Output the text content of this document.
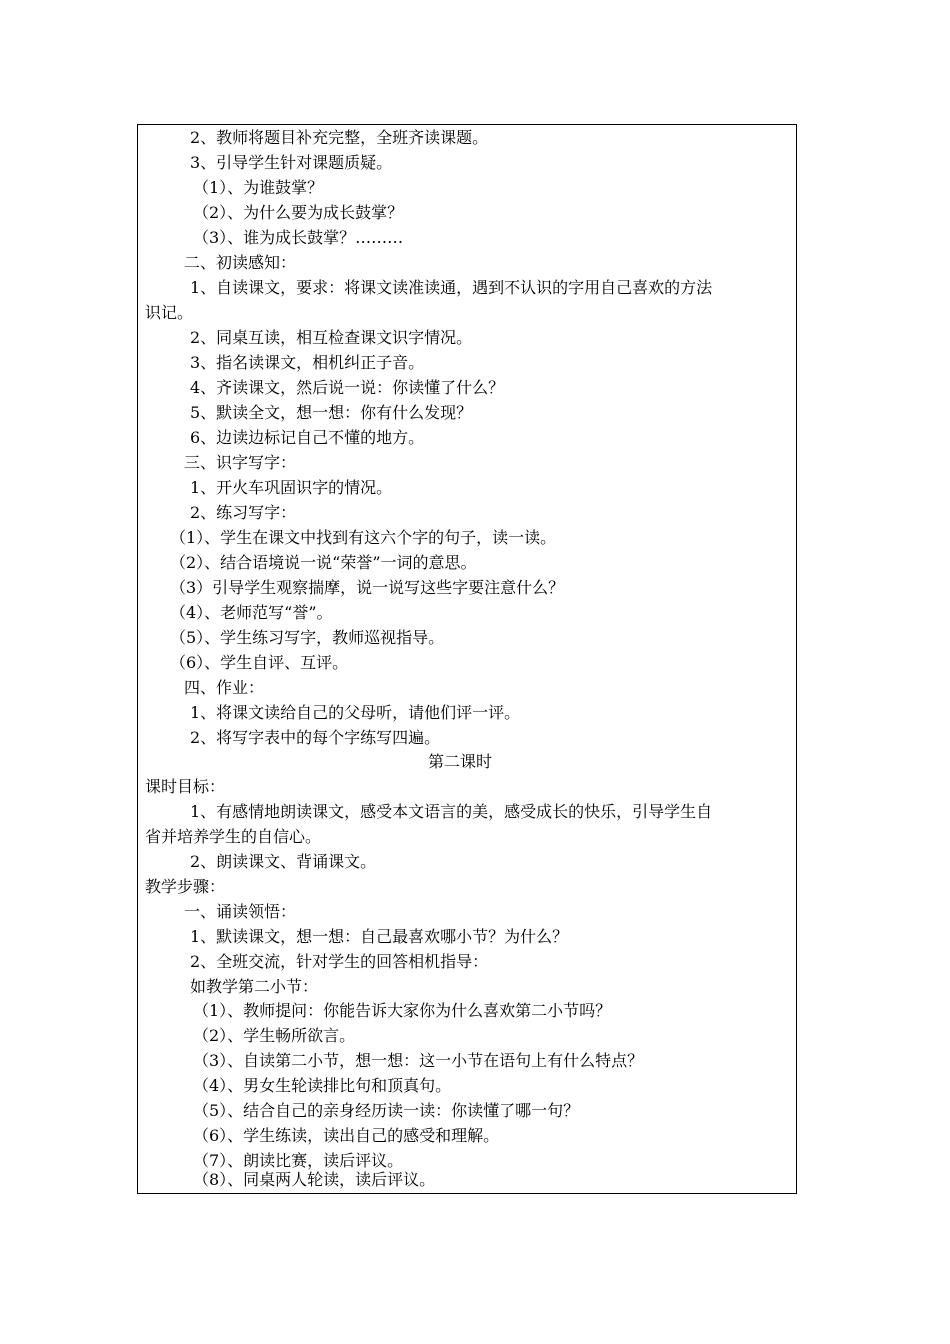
2、教师将题目补充完整，全班齐读课题。
3、引导学生针对课题质疑。
（1）、为谁鼓掌？
（2）、为什么要为成长鼓掌？
（3）、谁为成长鼓掌？………
二、初读感知：
1、自读课文，要求：将课文读准读通，遇到不认识的字用自己喜欢的方法
识记。
2、同桌互读，相互检查课文识字情况。
3、指名读课文，相机纠正子音。
4、齐读课文，然后说一说：你读懂了什么？
5、默读全文，想一想：你有什么发现？
6、边读边标记自己不懂的地方。
三、识字写字：
1、开火车巩固识字的情况。
2、练习写字：
（1）、学生在课文中找到有这六个字的句子，读一读。
（2）、结合语境说一说“荣誉”一词的意思。
（3）引导学生观察揣摩，说一说写这些字要注意什么？
（4）、老师范写“誉”。
（5）、学生练习写字，教师巡视指导。
（6）、学生自评、互评。
四、作业：
1、将课文读给自己的父母听，请他们评一评。
2、将写字表中的每个字练写四遍。
第二课时
课时目标：
1、有感情地朗读课文，感受本文语言的美，感受成长的快乐，引导学生自
省并培养学生的自信心。
2、朗读课文、背诵课文。
教学步骤：
一、诵读领悟：
1、默读课文，想一想：自己最喜欢哪小节？为什么？
2、全班交流，针对学生的回答相机指导：
如教学第二小节：
（1）、教师提问：你能告诉大家你为什么喜欢第二小节吗？
（2）、学生畅所欲言。
（3）、自读第二小节，想一想：这一小节在语句上有什么特点？
（4）、男女生轮读排比句和顶真句。
（5）、结合自己的亲身经历读一读：你读懂了哪一句？
（6）、学生练读，读出自己的感受和理解。
（7）、朗读比赛，读后评议。
（8）、同桌两人轮读，读后评议。
